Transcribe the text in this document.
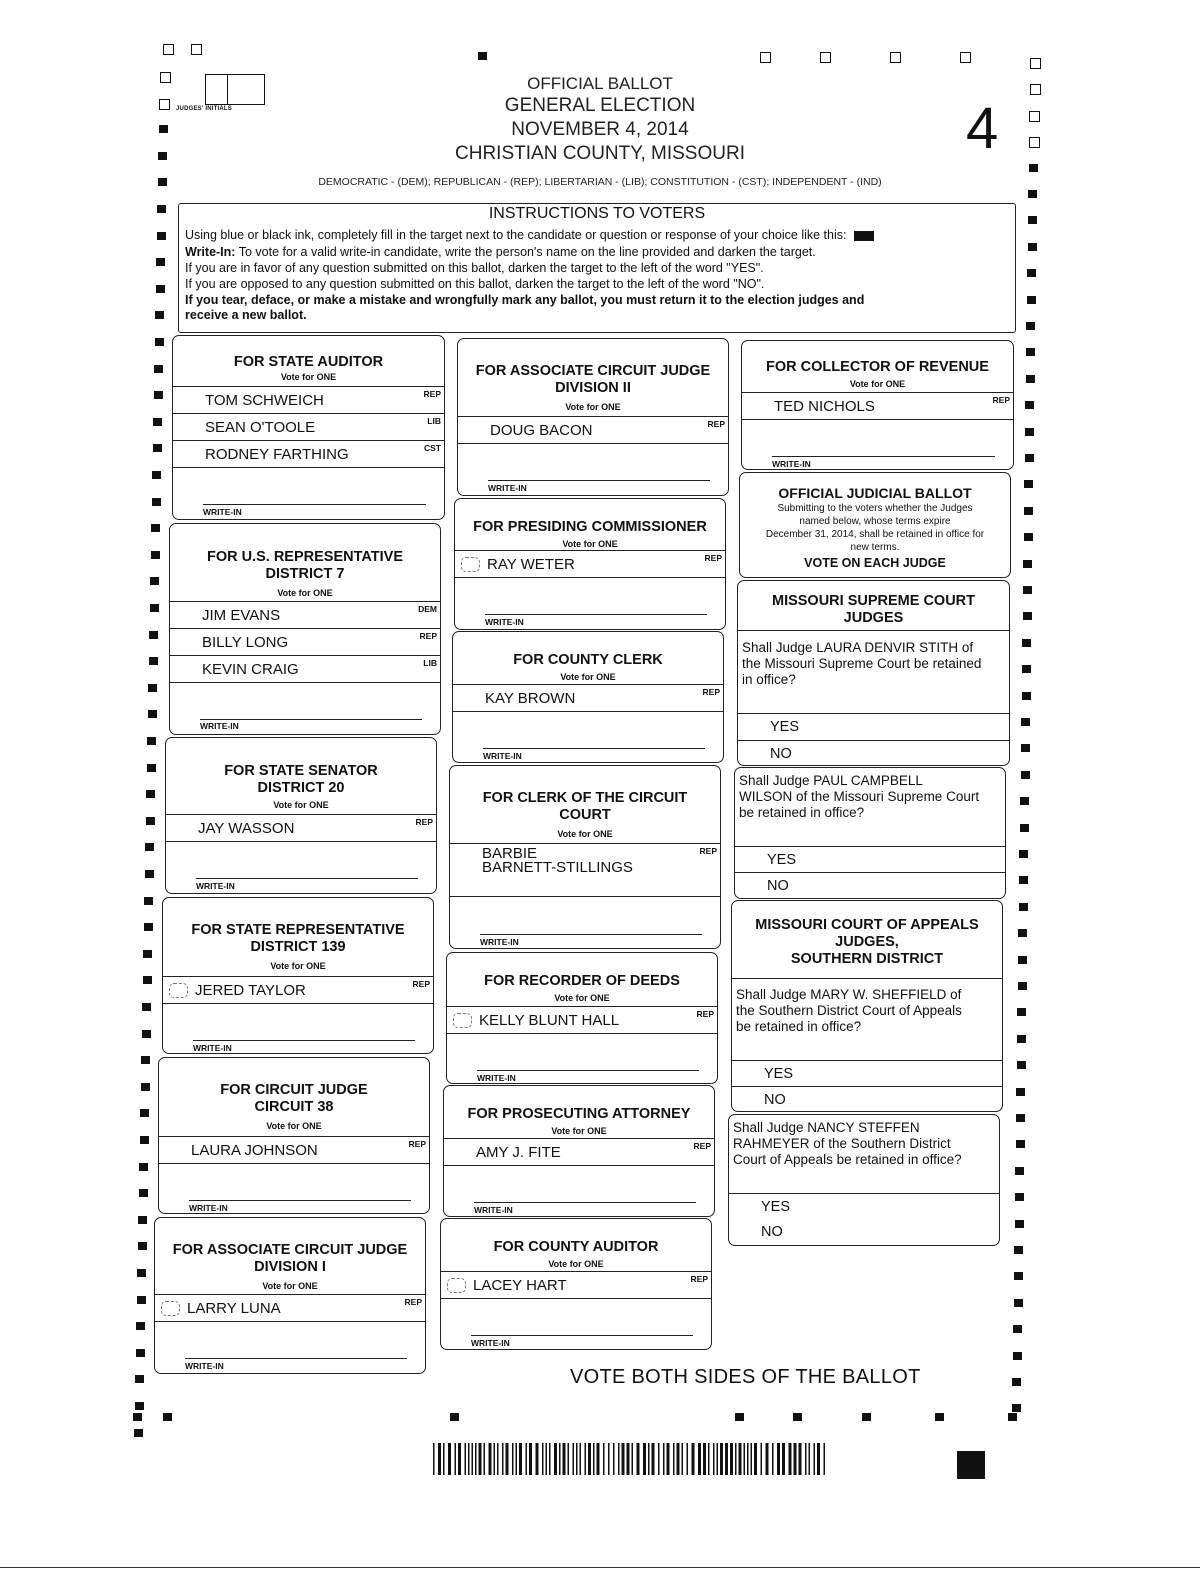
JUDGES' INITIALS
OFFICIAL BALLOT
GENERAL ELECTION
NOVEMBER 4, 2014
CHRISTIAN COUNTY, MISSOURI
DEMOCRATIC - (DEM); REPUBLICAN - (REP); LIBERTARIAN - (LIB); CONSTITUTION - (CST); INDEPENDENT - (IND)
4
INSTRUCTIONS TO VOTERS
Using blue or black ink, completely fill in the target next to the candidate or question or response of your choice like this:
Write-In: To vote for a valid write-in candidate, write the person's name on the line provided and darken the target.
If you are in favor of any question submitted on this ballot, darken the target to the left of the word "YES".
If you are opposed to any question submitted on this ballot, darken the target to the left of the word "NO".
If you tear, deface, or make a mistake and wrongfully mark any ballot, you must return it to the election judges and
receive a new ballot.
FOR STATE AUDITOR
Vote for ONE
TOM SCHWEICH	REP
SEAN O'TOOLE	LIB
RODNEY FARTHING	CST
WRITE-IN
FOR U.S. REPRESENTATIVE
DISTRICT 7
Vote for ONE
JIM EVANS	DEM
BILLY LONG	REP
KEVIN CRAIG	LIB
WRITE-IN
FOR STATE SENATOR
DISTRICT 20
Vote for ONE
JAY WASSON	REP
WRITE-IN
FOR STATE REPRESENTATIVE
DISTRICT 139
Vote for ONE
JERED TAYLOR	REP
WRITE-IN
FOR CIRCUIT JUDGE
CIRCUIT 38
Vote for ONE
LAURA JOHNSON	REP
WRITE-IN
FOR ASSOCIATE CIRCUIT JUDGE
DIVISION I
Vote for ONE
LARRY LUNA	REP
WRITE-IN
FOR ASSOCIATE CIRCUIT JUDGE
DIVISION II
Vote for ONE
DOUG BACON	REP
WRITE-IN
FOR PRESIDING COMMISSIONER
Vote for ONE
RAY WETER	REP
WRITE-IN
FOR COUNTY CLERK
Vote for ONE
KAY BROWN	REP
WRITE-IN
FOR CLERK OF THE CIRCUIT
COURT
Vote for ONE
BARBIE
BARNETT-STILLINGS
REP
WRITE-IN
FOR RECORDER OF DEEDS
Vote for ONE
KELLY BLUNT HALL	REP
WRITE-IN
FOR PROSECUTING ATTORNEY
Vote for ONE
AMY J. FITE	REP
WRITE-IN
FOR COUNTY AUDITOR
Vote for ONE
LACEY HART	REP
WRITE-IN
FOR COLLECTOR OF REVENUE
Vote for ONE
TED NICHOLS	REP
WRITE-IN
OFFICIAL JUDICIAL BALLOT
Submitting to the voters whether the Judges
named below, whose terms expire
December 31, 2014, shall be retained in office for
new terms.
VOTE ON EACH JUDGE
MISSOURI SUPREME COURT
JUDGES
Shall Judge LAURA DENVIR STITH of
the Missouri Supreme Court be retained
in office?
YES
NO
Shall Judge PAUL CAMPBELL
WILSON of the Missouri Supreme Court
be retained in office?
YES
NO
MISSOURI COURT OF APPEALS
JUDGES,
SOUTHERN DISTRICT
Shall Judge MARY W. SHEFFIELD of
the Southern District Court of Appeals
be retained in office?
YES
NO
Shall Judge NANCY STEFFEN
RAHMEYER of the Southern District
Court of Appeals be retained in office?
YES
NO
VOTE BOTH SIDES OF THE BALLOT
